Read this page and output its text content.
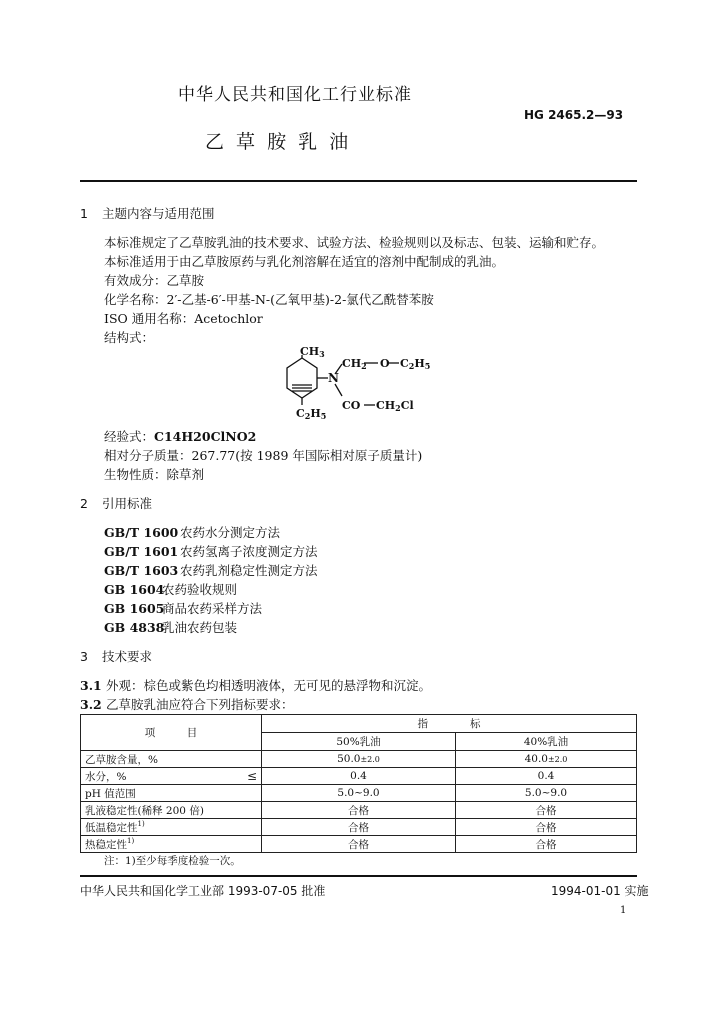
中华人民共和国化工行业标准
HG 2465.2—93
乙 草 胺 乳 油
1 主题内容与适用范围
本标准规定了乙草胺乳油的技术要求、试验方法、检验规则以及标志、包装、运输和贮存。
本标准适用于由乙草胺原药与乳化剂溶解在适宜的溶剂中配制成的乳油。
有效成分：乙草胺
化学名称：2′-乙基-6′-甲基-N-(乙氧甲基)-2-氯代乙酰替苯胺
ISO 通用名称：Acetochlor
结构式：
$CH_3$
$CH_2$ O $C_2H_5$
N
CO $CH_2Cl$
$C_2H_5$
经验式：C14H20ClNO2
相对分子质量：267.77(按 1989 年国际相对原子质量计)
生物性质：除草剂
2 引用标准
GB/T 1600 农药水分测定方法
GB/T 1601 农药氢离子浓度测定方法
GB/T 1603 农药乳剂稳定性测定方法
GB 1604农药验收规则
GB 1605商品农药采样方法
GB 4838乳油农药包装
3 技术要求
3.1 外观：棕色或紫色均相透明液体，无可见的悬浮物和沉淀。
3.2 乙草胺乳油应符合下列指标要求：
项　　　目	指　　　　标	
	50%乳油	40%乳油
乙草胺含量，%	50.0±2.0	40.0±2.0
水分，% ≤	0.4	0.4
pH 值范围	5.0~9.0	5.0~9.0
乳液稳定性(稀释 200 倍)	合格	合格
低温稳定性$^{1)}$	合格	合格
热稳定性$^{1)}$	合格	合格
注：1)至少每季度检验一次。
中华人民共和国化学工业部 1993-07-05 批准	1994-01-01 实施
1
